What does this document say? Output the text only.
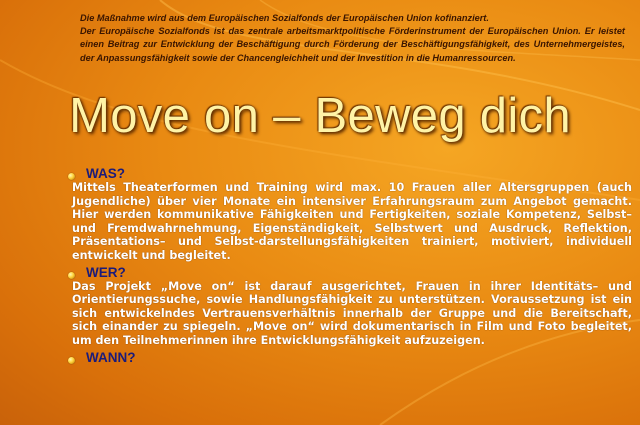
Die Maßnahme wird aus dem Europäischen Sozialfonds der Europäischen Union kofinanziert.

Der Europäische Sozialfonds ist das zentrale arbeitsmarktpolitische Förderinstrument der Europäischen Union. Er leistet einen Beitrag zur Entwicklung der Beschäftigung durch Förderung der Beschäftigungsfähigkeit, des Unternehmergeistes, der Anpassungsfähigkeit sowie der Chancengleichheit und der Investition in die Humanressourcen.

Move on – Beweg dich

WAS?

Mittels Theaterformen und Training wird max. 10 Frauen aller Altersgruppen (auch Jugendliche) über vier Monate ein intensiver Erfahrungsraum zum Angebot gemacht. Hier werden kommunikative Fähigkeiten und Fertigkeiten, soziale Kompetenz, Selbst– und Fremdwahrnehmung, Eigenständigkeit, Selbstwert und Ausdruck, Reflektion, Präsentations– und Selbst-darstellungsfähigkeiten trainiert, motiviert, individuell entwickelt und begleitet.

WER?

Das Projekt „Move on“ ist darauf ausgerichtet, Frauen in ihrer Identitäts– und Orientierungssuche, sowie Handlungsfähigkeit zu unterstützen. Voraussetzung ist ein sich entwickelndes Vertrauensverhältnis innerhalb der Gruppe und die Bereitschaft, sich einander zu spiegeln. „Move on“ wird dokumentarisch in Film und Foto begleitet, um den Teilnehmerinnen ihre Entwicklungsfähigkeit aufzuzeigen.

WANN?
